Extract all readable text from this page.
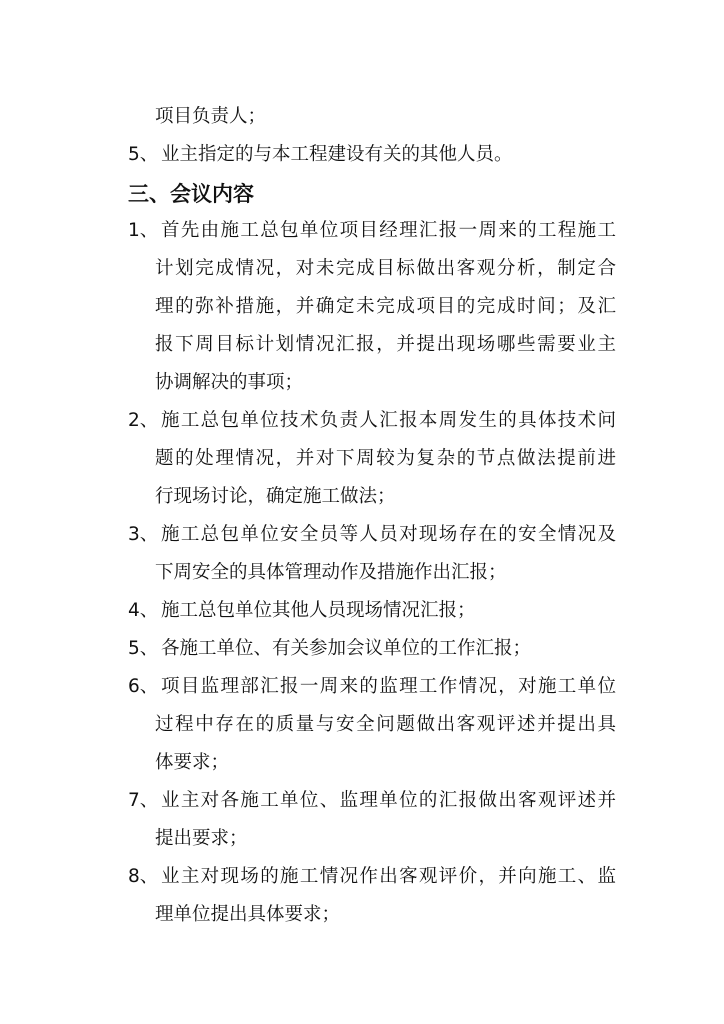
项目负责人；
5、 业主指定的与本工程建设有关的其他人员。
三、会议内容
1、 首先由施工总包单位项目经理汇报一周来的工程施工
计划完成情况，对未完成目标做出客观分析，制定合
理的弥补措施，并确定未完成项目的完成时间；及汇
报下周目标计划情况汇报，并提出现场哪些需要业主
协调解决的事项；
2、 施工总包单位技术负责人汇报本周发生的具体技术问
题的处理情况，并对下周较为复杂的节点做法提前进
行现场讨论，确定施工做法；
3、 施工总包单位安全员等人员对现场存在的安全情况及
下周安全的具体管理动作及措施作出汇报；
4、 施工总包单位其他人员现场情况汇报；
5、 各施工单位、有关参加会议单位的工作汇报；
6、 项目监理部汇报一周来的监理工作情况，对施工单位
过程中存在的质量与安全问题做出客观评述并提出具
体要求；
7、 业主对各施工单位、监理单位的汇报做出客观评述并
提出要求；
8、 业主对现场的施工情况作出客观评价，并向施工、监
理单位提出具体要求；
